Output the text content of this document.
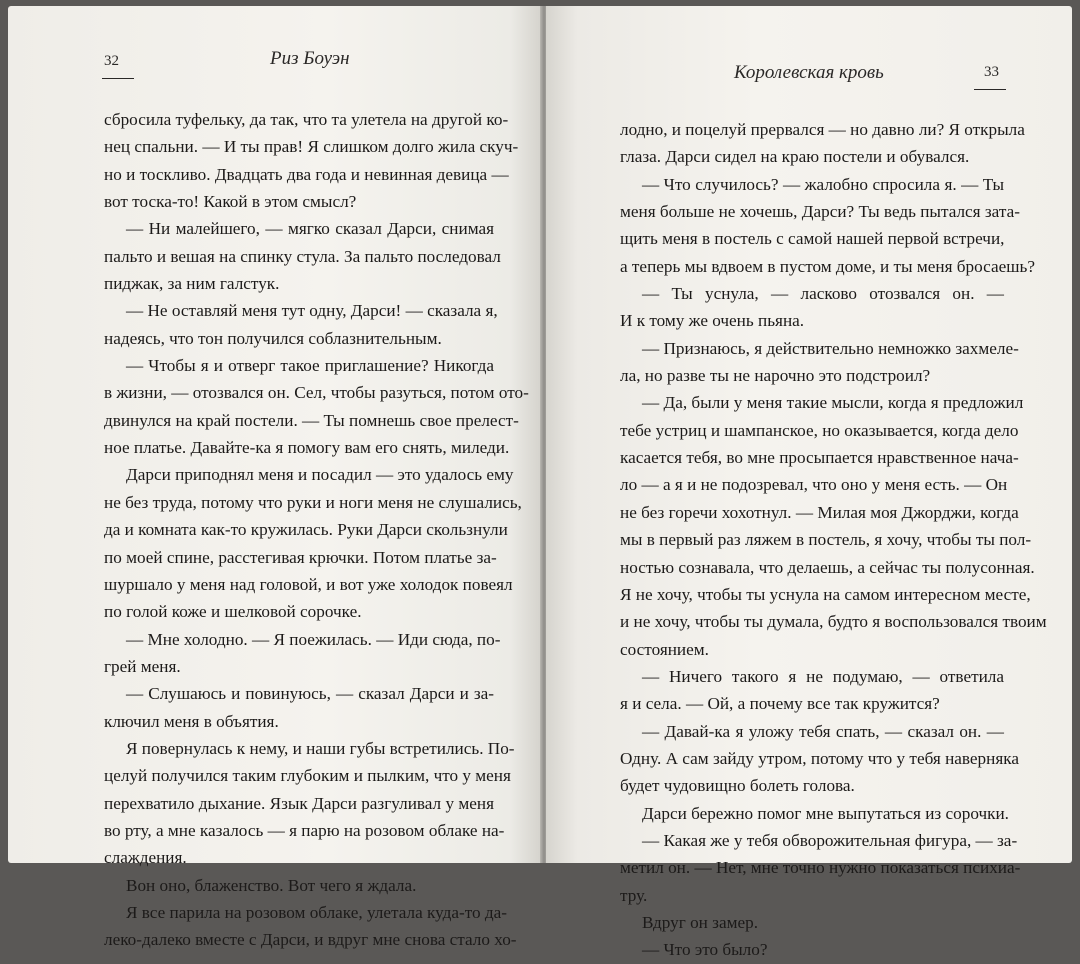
32	Риз Боуэн
сбросила туфельку, да так, что та улетела на другой ко-
нец спальни. — И ты прав! Я слишком долго жила скуч-
но и тоскливо. Двадцать два года и невинная девица —
вот тоска-то! Какой в этом смысл?
— Ни малейшего, — мягко сказал Дарси, снимая
пальто и вешая на спинку стула. За пальто последовал
пиджак, за ним галстук.
— Не оставляй меня тут одну, Дарси! — сказала я,
надеясь, что тон получился соблазнительным.
— Чтобы я и отверг такое приглашение? Никогда
в жизни, — отозвался он. Сел, чтобы разуться, потом ото-
двинулся на край постели. — Ты помнешь свое прелест-
ное платье. Давайте-ка я помогу вам его снять, миледи.
Дарси приподнял меня и посадил — это удалось ему
не без труда, потому что руки и ноги меня не слушались,
да и комната как-то кружилась. Руки Дарси скользнули
по моей спине, расстегивая крючки. Потом платье за-
шуршало у меня над головой, и вот уже холодок повеял
по голой коже и шелковой сорочке.
— Мне холодно. — Я поежилась. — Иди сюда, по-
грей меня.
— Слушаюсь и повинуюсь, — сказал Дарси и за-
ключил меня в объятия.
Я повернулась к нему, и наши губы встретились. По-
целуй получился таким глубоким и пылким, что у меня
перехватило дыхание. Язык Дарси разгуливал у меня
во рту, а мне казалось — я парю на розовом облаке на-
слаждения.
Вон оно, блаженство. Вот чего я ждала.
Я все парила на розовом облаке, улетала куда-то да-
леко-далеко вместе с Дарси, и вдруг мне снова стало хо-
Королевская кровь	33
лодно, и поцелуй прервался — но давно ли? Я открыла
глаза. Дарси сидел на краю постели и обувался.
— Что случилось? — жалобно спросила я. — Ты
меня больше не хочешь, Дарси? Ты ведь пытался зата-
щить меня в постель с самой нашей первой встречи,
а теперь мы вдвоем в пустом доме, и ты меня бросаешь?
— Ты уснула, — ласково отозвался он. —
И к тому же очень пьяна.
— Признаюсь, я действительно немножко захмеле-
ла, но разве ты не нарочно это подстроил?
— Да, были у меня такие мысли, когда я предложил
тебе устриц и шампанское, но оказывается, когда дело
касается тебя, во мне просыпается нравственное нача-
ло — а я и не подозревал, что оно у меня есть. — Он
не без горечи хохотнул. — Милая моя Джорджи, когда
мы в первый раз ляжем в постель, я хочу, чтобы ты пол-
ностью сознавала, что делаешь, а сейчас ты полусонная.
Я не хочу, чтобы ты уснула на самом интересном месте,
и не хочу, чтобы ты думала, будто я воспользовался твоим
состоянием.
— Ничего такого я не подумаю, — ответила
я и села. — Ой, а почему все так кружится?
— Давай-ка я уложу тебя спать, — сказал он. —
Одну. А сам зайду утром, потому что у тебя наверняка
будет чудовищно болеть голова.
Дарси бережно помог мне выпутаться из сорочки.
— Какая же у тебя обворожительная фигура, — за-
метил он. — Нет, мне точно нужно показаться психиа-
тру.
Вдруг он замер.
— Что это было?
